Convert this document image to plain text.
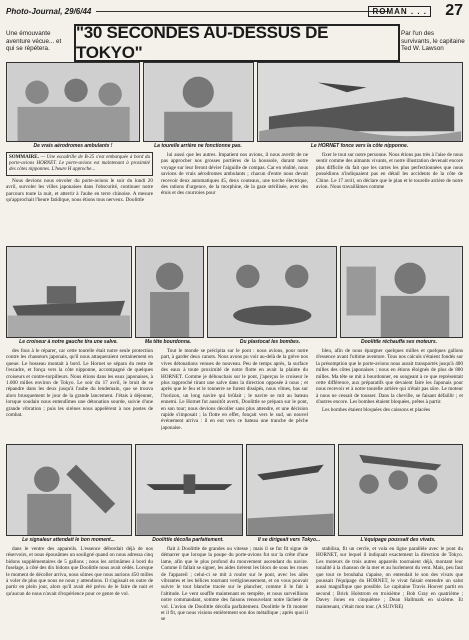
Photo-Journal, 29/6/44	ROMAN . . . 27
Une émouvante aventure vécue... et qui se répétera.
"30 SECONDES AU-DESSUS DE TOKYO"
Par l'un des survivants, le capitaine Ted W. Lawson
De vrais aérodromes ambulants !	La tourelle arrière ne fonctionne pas.	Le HORNET fonce vers la côte nipponne.
SOMMAIRE. — Une escadrille de B-25 s'est embarquée à bord du porte-avions HORNET. Le porte-avions est maintenant à proximité des côtes nipponnes. L'heure H approche...

Nous devions nous envoler du porte-avions le soir du lundi 20 avril, survoler les villes japonaises dans l'obscurité, continuer notre parcours toute la nuit, et atterrir à l'aube en terre chinoise. A mesure qu'approchait l'heure fatidique, nous étions tous nerveux. Doolittle

lui aussi que les autres. Impatient nos avions, il nous avertit de ne pas approcher nos grosses portières de la houssole, durant notre voyage sur leur feront dévier l'aiguille de compas. Car en réalité, nous savions de vrais aérodromes ambulants ; chacun d'entre nous devait recevoir deux automatiques 45, deux couteaux, une torche électrique, des rations d'urgence, de la morphine, de la gaze stérilisée, avec des étuis et des courroies pour

fixer le tout sur notre personne. Nous étions pas très à l'aise de nous sentir comme des aimants vivants, et notre illustration devenait encore plus difficile du fait que les cartes les plus perfectionnées que nous possédions n'indiquaient pas en détail les accidents de la côte de Chine. Le 17 avril, on déclare que le plan et le tourelle arrière de notre avion. Nous travaillâmes comme

Le croiseur à notre gauche tira une salve.	Ma tête bourdonna.	Du plastocat les bombes.	Doolittle réchauffa ses moteurs.

des fous à le réparer, car cette tourelle était notre seule protection contre les chasseurs japonais, qu'il nous attaqueraient certainement en queue. Le bosseau montait à bord. Le Hornet se sépara du reste de l'escadre, et fonça vers la côte nipponne, accompagné de quelques croiseurs et contre-torpilleurs. Nous étions dans les eaux japonaises, à 1.000 milles environ de Tokyo. Le soir du 17 avril, le bruit de se répandre dans les deux jusqu'à l'aube du lendemain, que se trouva alors brusquement le jour de la grande lancement. J'étais à déjeuner, lorsque soudain nous entendîmes une détonation sourde, suivie d'une grande vibration ; puis les sirènes nous appelèrent à nos postes de combat.

Tout le monde se précipita sur le pont : nous avions, pour notre part, à garder deux canots. Nous avons pu voir au-delà de la grève nos vives détonations venues de nouveau. Peu de temps après, la surface des eaux à toute proximité de notre flotte en avait la plainte du HORNET. Comme je débouchais sur le pont, j'aperçus le croiseur le plus rapproché tirant une salve dans la direction opposée à nous ; et après que le feu et le tonnerre se furent dissipés, nous vîmes, bas sur l'horizon, un long navire qui brûlait ; le navire se mit au bateau ennemi. Le Hornet fut aussitôt averti, Doolittle se prépara sur le pont, en son tour; nous devions décoller sans plus attendre, et une décision rapide s'imposait ; la flotte en effet, fonçait vers le sud, un nouvel événement arriva : il en eut vers ce bateau une tranche de pêche japonaise.

bleu, afin de nous épargner quelques milles et quelques gallons d'essence avant l'ultime aventure. Tous nos calculs s'étaient fondés sur la présomption que le porte-avions nous aurait transportés jusqu'à 400 milles des côtes japonaises ; nous en étions éloignés de plus de 800 milles. Ma tête se mit à bourdonner, en songeant à ce que représentait cette différence, aux préparatifs que devaient faire les Japonais pour nous recevoir et à notre tourelle arrière qui n'était pas sûre. Le moteur à nous ne cessait de tousser. Dans la cheville, se faisant défaillir ; et d'autres encore. Les bombes étaient bloquées, prêtes à partir.

Les bombes étaient bloquées des caissons et placées

Le signaleur attendait le bon moment...	Doolittle décolla parfaitement.	Il se dirigeait vers Tokyo...	L'équipage poussait des vivats.

dans le ventre des appareils. L'essence débordait déjà de nos réservoirs, et nous épousâmes un souligné quand on nous adressa cinq bidons supplémentaires de 5 gallons ; nous les arrimâmes à bord du fuselage, à côté des dix bidons que Doolittle nous avait cédés. Lorsque le moment de décoller arriva, nous sûmes que nous aurions 450 milles à voler de plus que nous ne nous y attendions. Il s'agissait en outre de partir en plein jour, alors qu'il avait été prévu de le faire de nuit et qu'aucun de nous n'avait d'expérience pour ce genre de vol.

flait à Doolittle de grandes ou vitesse ; mais il se fut fit signe de démarrer que lorsque la poupe du porte-avions fut sur la crête d'une lame, afin que le plus profond du mouvement ascendant du navire. Comme il fallait se signer, les aides tirèrent les blocs de sous les roues de l'appareil ; celui-ci se mit à rouler sur le pont, avec les ailes vibrantes et les hélices tournant vertigineusement, et on vous pouvait suivre le tout blanche tracée sur le plancher, comme il le fait à l'altitude. Le vent souffle maintenant en tempête, et nous surveillions notre commandant, somme des faisons renouvelant notre lâcheté de vol. L'avion de Doolittle décolla parfaitement. Doolittle le fit monter et il fit, que nous visions entièrement son dos métallique ; après quoi il se

stabilisa, fit un cercle, et vola en ligne parallèle avec le pont du HORNET, sur lequel il indiquait exactement la direction de Tokyo. Les moteurs de trois autres appareils tournaient déjà, montant leur tonalité à la chanson de la mer et au hurlement du vent. Mais, peu faut que tout ce brouhaha s'apaise, on entendait le son des vivats que poussait l'équipage du HORNET, le vivat faisait entendre un salut aussi magnifique que possible. Le capitaine Travis Hoover partit en second ; Brick Holstrom en troisième ; Bob Gray en quatrième ; Davey Jones en cinquième ; Dean Hallmark en sixième. Et maintenant, c'était mon tour. (A SUIVRE)
